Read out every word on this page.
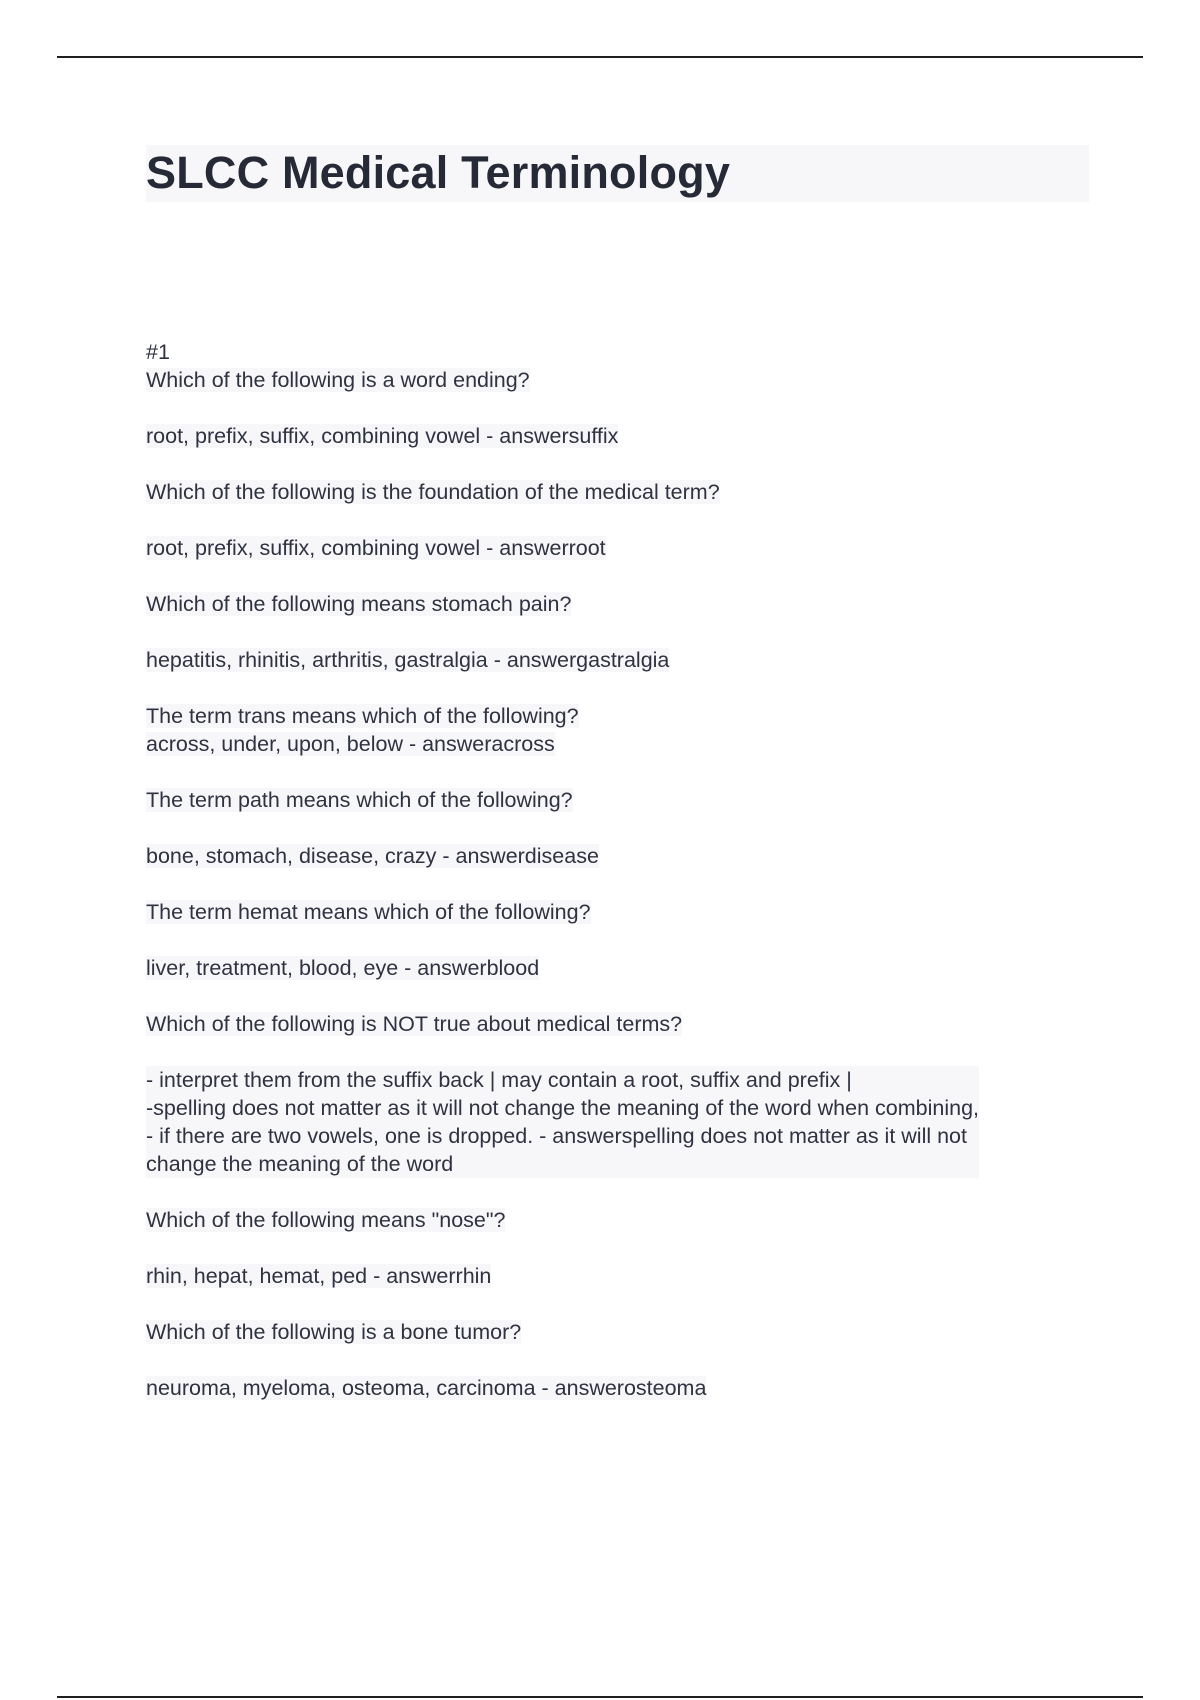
SLCC Medical Terminology
#1

Which of the following is a word ending?

root, prefix, suffix, combining vowel - answersuffix

Which of the following is the foundation of the medical term?

root, prefix, suffix, combining vowel - answerroot

Which of the following means stomach pain?

hepatitis, rhinitis, arthritis, gastralgia - answergastralgia

The term trans means which of the following?
across, under, upon, below - answeracross

The term path means which of the following?

bone, stomach, disease, crazy - answerdisease

The term hemat means which of the following?

liver, treatment, blood, eye - answerblood

Which of the following is NOT true about medical terms?

- interpret them from the suffix back | may contain a root, suffix and prefix |
-spelling does not matter as it will not change the meaning of the word when combining,
- if there are two vowels, one is dropped. - answerspelling does not matter as it will not
change the meaning of the word

Which of the following means "nose"?

rhin, hepat, hemat, ped - answerrhin

Which of the following is a bone tumor?

neuroma, myeloma, osteoma, carcinoma - answerosteoma
